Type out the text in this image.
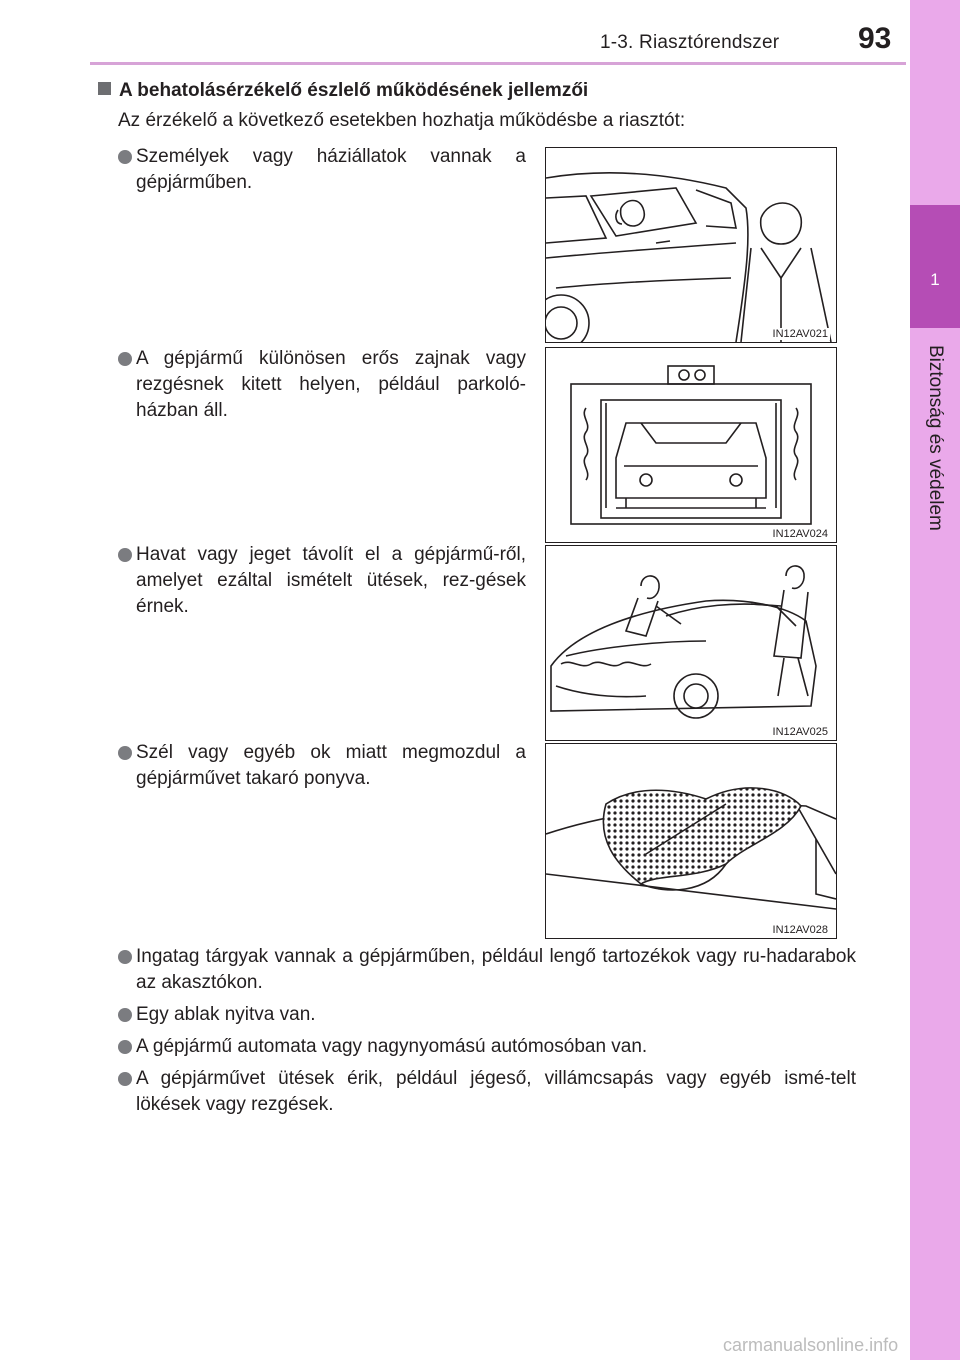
1-3. Riasztórendszer	93
1
Biztonság és védelem
A behatolásérzékelő észlelő működésének jellemzői
Az érzékelő a következő esetekben hozhatja működésbe a riasztót:
Személyek vagy háziállatok vannak a gépjárműben.
IN12AV021
A gépjármű különösen erős zajnak vagy rezgésnek kitett helyen, például parkoló-házban áll.
IN12AV024
Havat vagy jeget távolít el a gépjármű-ről, amelyet ezáltal ismételt ütések, rez-gések érnek.
IN12AV025
Szél vagy egyéb ok miatt megmozdul a gépjárművet takaró ponyva.
IN12AV028
Ingatag tárgyak vannak a gépjárműben, például lengő tartozékok vagy ru-hadarabok az akasztókon.
Egy ablak nyitva van.
A gépjármű automata vagy nagynyomású autómosóban van.
A gépjárművet ütések érik, például jégeső, villámcsapás vagy egyéb ismé-telt lökések vagy rezgések.
carmanualsonline.info
